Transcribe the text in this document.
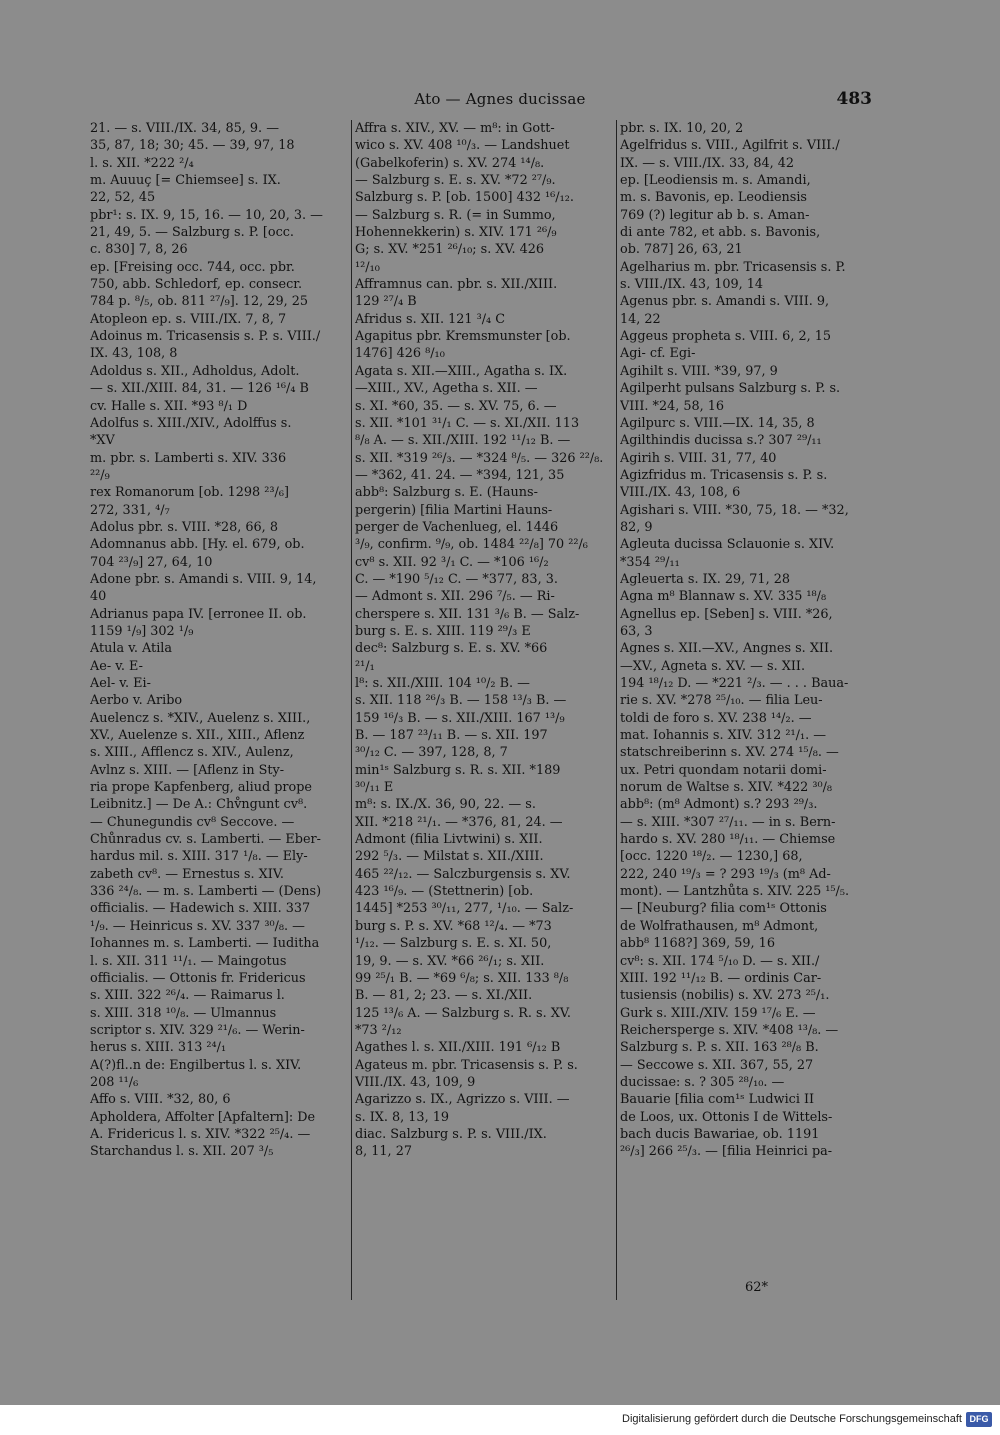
Ato — Agnes ducissae	483
21. — s. VIII./IX. 34, 85, 9. —
35, 87, 18; 30; 45. — 39, 97, 18
l. s. XII. *222 ²/₄
m. Auuuç [= Chiemsee] s. IX.
22, 52, 45
pbr¹: s. IX. 9, 15, 16. — 10, 20, 3. —
21, 49, 5. — Salzburg s. P. [occ.
c. 830] 7, 8, 26
ep. [Freising occ. 744, occ. pbr.
750, abb. Schledorf, ep. consecr.
784 p. ⁸/₅, ob. 811 ²⁷/₉]. 12, 29, 25
Atopleon ep. s. VIII./IX. 7, 8, 7
Adoinus m. Tricasensis s. P. s. VIII./
IX. 43, 108, 8
Adoldus s. XII., Adholdus, Adolt.
— s. XII./XIII. 84, 31. — 126 ¹⁶/₄ B
cv. Halle s. XII. *93 ⁸/₁ D
Adolfus s. XIII./XIV., Adolffus s.
*XV
m. pbr. s. Lamberti s. XIV. 336
²²/₉
rex Romanorum [ob. 1298 ²³/₆]
272, 331, ⁴/₇
Adolus pbr. s. VIII. *28, 66, 8
Adomnanus abb. [Hy. el. 679, ob.
704 ²³/₉] 27, 64, 10
Adone pbr. s. Amandi s. VIII. 9, 14,
40
Adrianus papa IV. [erronee II. ob.
1159 ¹/₉] 302 ¹/₉
Atula v. Atila
Ae- v. E-
Ael- v. Ei-
Aerbo v. Aribo
Auelencz s. *XIV., Auelenz s. XIII.,
XV., Auelenze s. XII., XIII., Aflenz
s. XIII., Afflencz s. XIV., Aulenz,
Avlnz s. XIII. — [Aflenz in Sty-
ria prope Kapfenberg, aliud prope
Leibnitz.] — De A.: Chv̊ngunt cv⁸.
— Chunegundis cv⁸ Seccove. —
Chůnradus cv. s. Lamberti. — Eber-
hardus mil. s. XIII. 317 ¹/₈. — Ely-
zabeth cv⁸. — Ernestus s. XIV.
336 ²⁴/₈. — m. s. Lamberti — (Dens)
officialis. — Hadewich s. XIII. 337
¹/₉. — Heinricus s. XV. 337 ³⁰/₈. —
Iohannes m. s. Lamberti. — Iuditha
l. s. XII. 311 ¹¹/₁. — Maingotus
officialis. — Ottonis fr. Fridericus
s. XIII. 322 ²⁶/₄. — Raimarus l.
s. XIII. 318 ¹⁰/₈. — Ulmannus
scriptor s. XIV. 329 ²¹/₆. — Werin-
herus s. XIII. 313 ²⁴/₁
A(?)fl..n de: Engilbertus l. s. XIV.
208 ¹¹/₆
Affo s. VIII. *32, 80, 6
Apholdera, Affolter [Apfaltern]: De
A. Fridericus l. s. XIV. *322 ²⁵/₄. —
Starchandus l. s. XII. 207 ³/₅
Affra s. XIV., XV. — m⁸: in Gott-
wico s. XV. 408 ¹⁰/₃. — Landshuet
(Gabelkoferin) s. XV. 274 ¹⁴/₈.
— Salzburg s. E. s. XV. *72 ²⁷/₉.
Salzburg s. P. [ob. 1500] 432 ¹⁶/₁₂.
— Salzburg s. R. (= in Summo,
Hohennekkerin) s. XIV. 171 ²⁶/₉
G; s. XV. *251 ²⁶/₁₀; s. XV. 426
¹²/₁₀
Afframnus can. pbr. s. XII./XIII.
129 ²⁷/₄ B
Afridus s. XII. 121 ³/₄ C
Agapitus pbr. Kremsmunster [ob.
1476] 426 ⁸/₁₀
Agata s. XII.—XIII., Agatha s. IX.
—XIII., XV., Agetha s. XII. —
s. XI. *60, 35. — s. XV. 75, 6. —
s. XII. *101 ³¹/₁ C. — s. XI./XII. 113
⁸/₈ A. — s. XII./XIII. 192 ¹¹/₁₂ B. —
s. XII. *319 ²⁶/₃. — *324 ⁸/₅. — 326 ²²/₈.
— *362, 41. 24. — *394, 121, 35
abb⁸: Salzburg s. E. (Hauns-
pergerin) [filia Martini Hauns-
perger de Vachenlueg, el. 1446
³/₉, confirm. ⁹/₉, ob. 1484 ²²/₈] 70 ²²/₆
cv⁸ s. XII. 92 ³/₁ C. — *106 ¹⁶/₂
C. — *190 ⁵/₁₂ C. — *377, 83, 3.
— Admont s. XII. 296 ⁷/₅. — Ri-
cherspere s. XII. 131 ³/₆ B. — Salz-
burg s. E. s. XIII. 119 ²⁹/₃ E
dec⁸: Salzburg s. E. s. XV. *66
²¹/₁
l⁸: s. XII./XIII. 104 ¹⁰/₂ B. —
s. XII. 118 ²⁶/₃ B. — 158 ¹³/₃ B. —
159 ¹⁶/₃ B. — s. XII./XIII. 167 ¹³/₉
B. — 187 ²³/₁₁ B. — s. XII. 197
³⁰/₁₂ C. — 397, 128, 8, 7
min¹ˢ Salzburg s. R. s. XII. *189
³⁰/₁₁ E
m⁸: s. IX./X. 36, 90, 22. — s.
XII. *218 ²¹/₁. — *376, 81, 24. —
Admont (filia Livtwini) s. XII.
292 ⁵/₃. — Milstat s. XII./XIII.
465 ²²/₁₂. — Salczburgensis s. XV.
423 ¹⁶/₉. — (Stettnerin) [ob.
1445] *253 ³⁰/₁₁, 277, ¹/₁₀. — Salz-
burg s. P. s. XV. *68 ¹²/₄. — *73
¹/₁₂. — Salzburg s. E. s. XI. 50,
19, 9. — s. XV. *66 ²⁶/₁; s. XII.
99 ²⁵/₁ B. — *69 ⁶/₈; s. XII. 133 ⁸/₈
B. — 81, 2; 23. — s. XI./XII.
125 ¹³/₆ A. — Salzburg s. R. s. XV.
*73 ²/₁₂
Agathes l. s. XII./XIII. 191 ⁶/₁₂ B
Agateus m. pbr. Tricasensis s. P. s.
VIII./IX. 43, 109, 9
Agarizzo s. IX., Agrizzo s. VIII. —
s. IX. 8, 13, 19
diac. Salzburg s. P. s. VIII./IX.
8, 11, 27
pbr. s. IX. 10, 20, 2
Agelfridus s. VIII., Agilfrit s. VIII./
IX. — s. VIII./IX. 33, 84, 42
ep. [Leodiensis m. s. Amandi,
m. s. Bavonis, ep. Leodiensis
769 (?) legitur ab b. s. Aman-
di ante 782, et abb. s. Bavonis,
ob. 787] 26, 63, 21
Agelharius m. pbr. Tricasensis s. P.
s. VIII./IX. 43, 109, 14
Agenus pbr. s. Amandi s. VIII. 9,
14, 22
Aggeus propheta s. VIII. 6, 2, 15
Agi- cf. Egi-
Agihilt s. VIII. *39, 97, 9
Agilperht pulsans Salzburg s. P. s.
VIII. *24, 58, 16
Agilpurc s. VIII.—IX. 14, 35, 8
Agilthindis ducissa s.? 307 ²⁹/₁₁
Agirih s. VIII. 31, 77, 40
Agizfridus m. Tricasensis s. P. s.
VIII./IX. 43, 108, 6
Agishari s. VIII. *30, 75, 18. — *32,
82, 9
Agleuta ducissa Sclauonie s. XIV.
*354 ²⁹/₁₁
Agleuerta s. IX. 29, 71, 28
Agna m⁸ Blannaw s. XV. 335 ¹⁸/₈
Agnellus ep. [Seben] s. VIII. *26,
63, 3
Agnes s. XII.—XV., Angnes s. XII.
—XV., Agneta s. XV. — s. XII.
194 ¹⁸/₁₂ D. — *221 ²/₃. — . . . Baua-
rie s. XV. *278 ²⁵/₁₀. — filia Leu-
toldi de foro s. XV. 238 ¹⁴/₂. —
mat. Iohannis s. XIV. 312 ²¹/₁. —
statschreiberinn s. XV. 274 ¹⁵/₈. —
ux. Petri quondam notarii domi-
norum de Waltse s. XIV. *422 ³⁰/₈
abb⁸: (m⁸ Admont) s.? 293 ²⁹/₃.
— s. XIII. *307 ²⁷/₁₁. — in s. Bern-
hardo s. XV. 280 ¹⁸/₁₁. — Chiemse
[occ. 1220 ¹⁸/₂. — 1230,] 68,
222, 240 ¹⁹/₃ = ? 293 ¹⁹/₃ (m⁸ Ad-
mont). — Lantzhůta s. XIV. 225 ¹⁵/₅.
— [Neuburg? filia com¹ˢ Ottonis
de Wolfrathausen, m⁸ Admont,
abb⁸ 1168?] 369, 59, 16
cv⁸: s. XII. 174 ⁵/₁₀ D. — s. XII./
XIII. 192 ¹¹/₁₂ B. — ordinis Car-
tusiensis (nobilis) s. XV. 273 ²⁵/₁.
Gurk s. XIII./XIV. 159 ¹⁷/₆ E. —
Reichersperge s. XIV. *408 ¹³/₈. —
Salzburg s. P. s. XII. 163 ²⁸/₈ B.
— Seccowe s. XII. 367, 55, 27
ducissae: s. ? 305 ²⁸/₁₀. —
Bauarie [filia com¹ˢ Ludwici II
de Loos, ux. Ottonis I de Wittels-
bach ducis Bawariae, ob. 1191
²⁶/₃] 266 ²⁵/₃. — [filia Heinrici pa-
62*
Digitalisierung gefördert durch die Deutsche Forschungsgemeinschaft DFG
